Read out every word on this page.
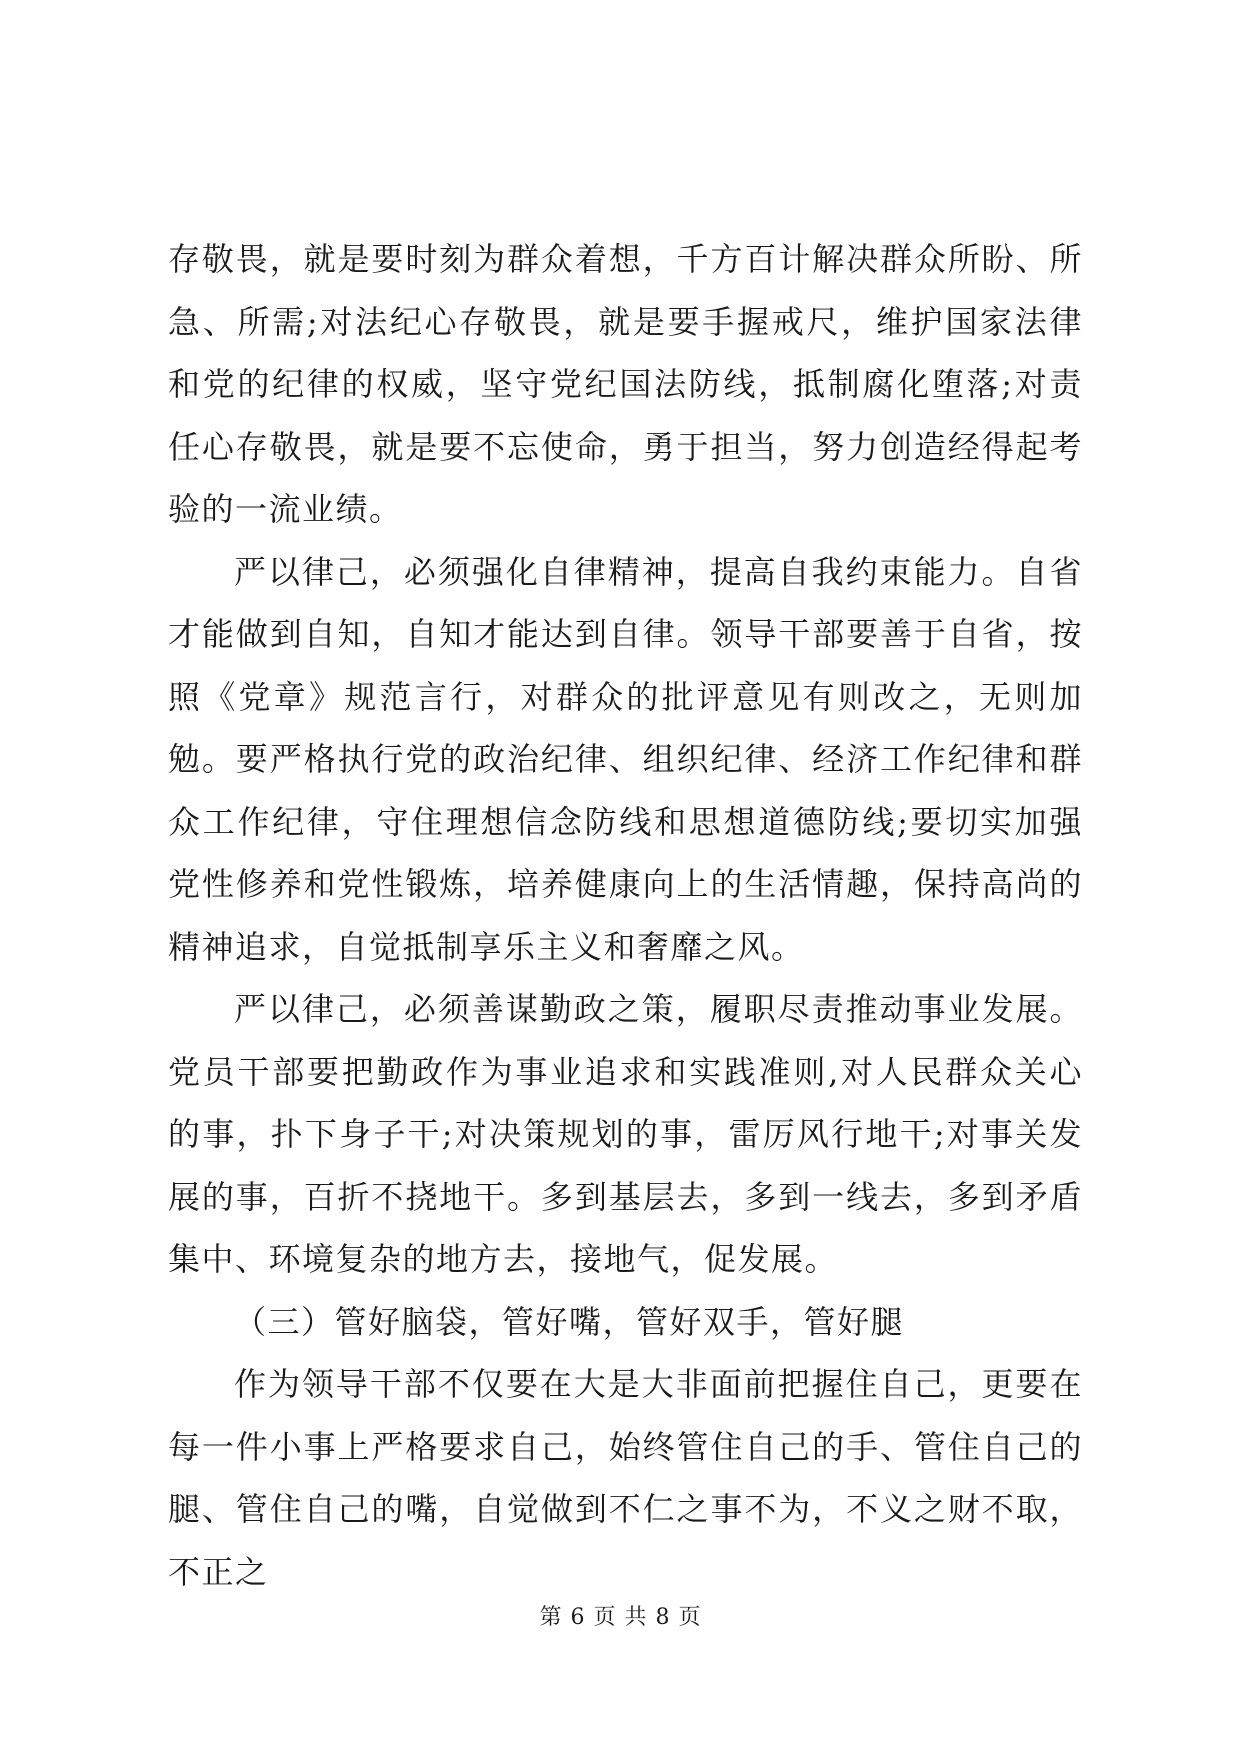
存敬畏，就是要时刻为群众着想，千方百计解决群众所盼、所急、所需;对法纪心存敬畏，就是要手握戒尺，维护国家法律和党的纪律的权威，坚守党纪国法防线，抵制腐化堕落;对责任心存敬畏，就是要不忘使命，勇于担当，努力创造经得起考验的一流业绩。

严以律己，必须强化自律精神，提高自我约束能力。自省才能做到自知，自知才能达到自律。领导干部要善于自省，按照《党章》规范言行，对群众的批评意见有则改之，无则加勉。要严格执行党的政治纪律、组织纪律、经济工作纪律和群众工作纪律，守住理想信念防线和思想道德防线;要切实加强党性修养和党性锻炼，培养健康向上的生活情趣，保持高尚的精神追求，自觉抵制享乐主义和奢靡之风。

严以律己，必须善谋勤政之策，履职尽责推动事业发展。党员干部要把勤政作为事业追求和实践准则,对人民群众关心的事，扑下身子干;对决策规划的事，雷厉风行地干;对事关发展的事，百折不挠地干。多到基层去，多到一线去，多到矛盾集中、环境复杂的地方去，接地气，促发展。

（三）管好脑袋，管好嘴，管好双手，管好腿

作为领导干部不仅要在大是大非面前把握住自己，更要在每一件小事上严格要求自己，始终管住自己的手、管住自己的腿、管住自己的嘴，自觉做到不仁之事不为，不义之财不取，不正之

第 6 页 共 8 页
